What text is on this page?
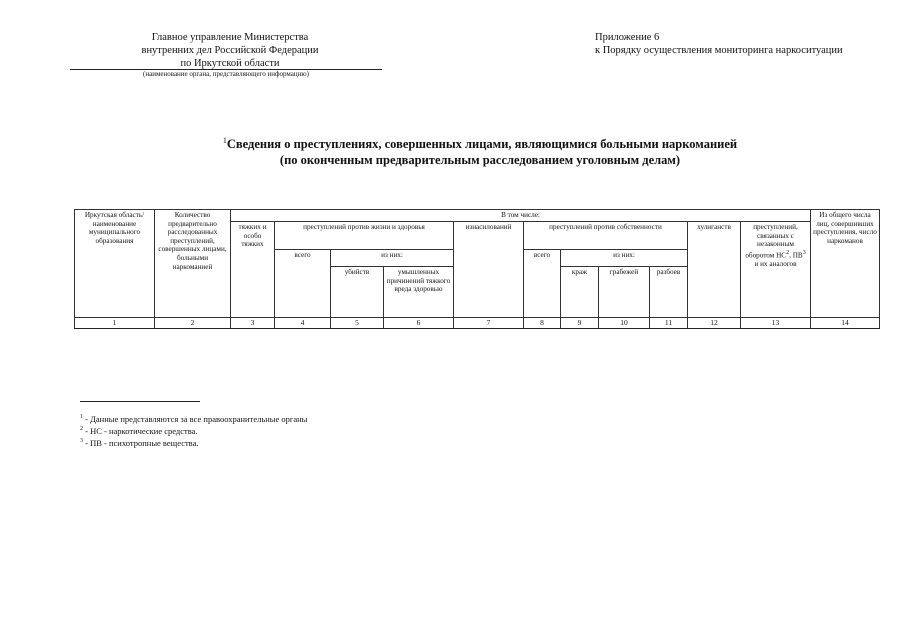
Главное управление Министерства
внутренних дел Российской Федерации
по Иркутской области
(наименование органа, представляющего информацию)
Приложение 6
к Порядку осуществления мониторинга наркоситуации
$^1$Сведения о преступлениях, совершенных лицами, являющимися больными наркоманией
(по оконченным предварительным расследованием уголовным делам)
Иркутская область/ наименование муниципального образования	Количество предварительно расследованных преступлений, совершенных лицами, больными наркоманией	В том числе:											Из общего числа лиц, совершивших преступления, число наркоманов
		тяжких и особо тяжких	преступлений против жизни и здоровья			изнасилований	преступлений против собственности				хулиганств	преступлений, связанных с незаконным оборотом $НС^2$, $ПВ^3$ и их аналогов	
			всего	из них:			всего	из них:					
				убийств	умышленных причинений тяжкого вреда здоровью			краж	грабежей	разбоев			
1	2	3	4	5	6	7	8	9	10	11	12	13	14
$^1$ - Данные представляются за все правоохранительные органы
$^2$ - НС - наркотические средства.
$^3$ - ПВ - психотропные вещества.
